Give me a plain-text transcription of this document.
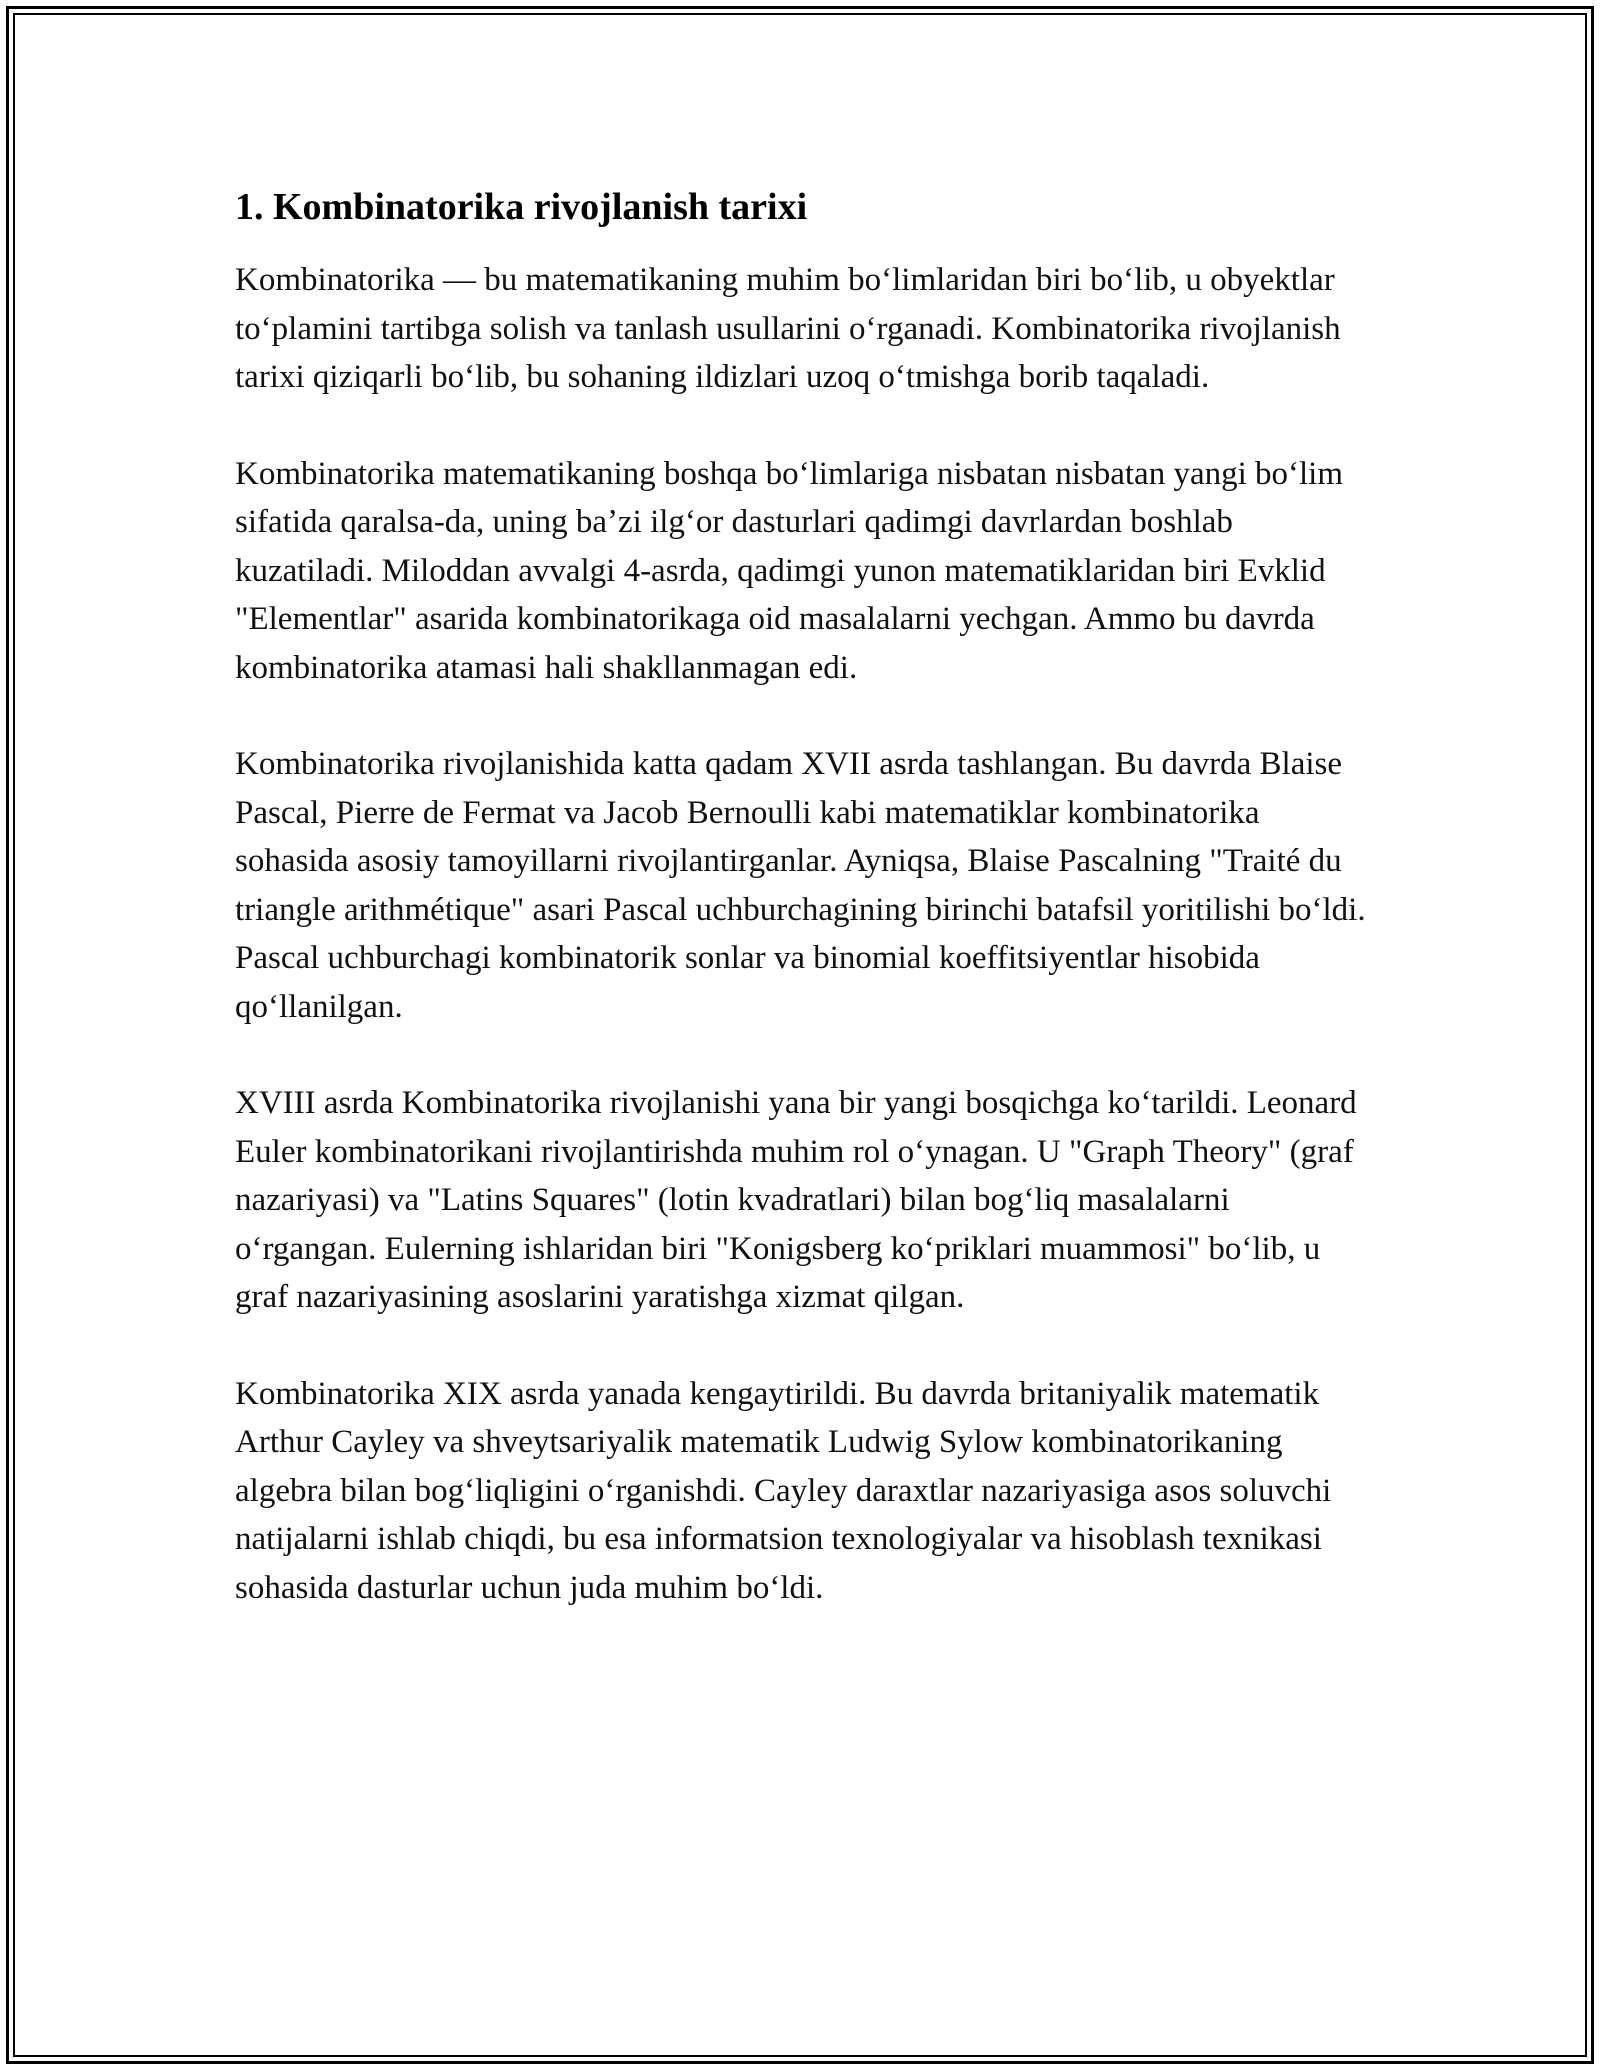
1. Kombinatorika rivojlanish tarixi

Kombinatorika — bu matematikaning muhim boʻlimlaridan biri boʻlib, u obyektlar toʻplamini tartibga solish va tanlash usullarini oʻrganadi. Kombinatorika rivojlanish tarixi qiziqarli boʻlib, bu sohaning ildizlari uzoq oʻtmishga borib taqaladi.

Kombinatorika matematikaning boshqa boʻlimlariga nisbatan nisbatan yangi boʻlim sifatida qaralsa-da, uning baʼzi ilgʻor dasturlari qadimgi davrlardan boshlab kuzatiladi. Miloddan avvalgi 4-asrda, qadimgi yunon matematiklaridan biri Evklid "Elementlar" asarida kombinatorikaga oid masalalarni yechgan. Ammo bu davrda kombinatorika atamasi hali shakllanmagan edi.

Kombinatorika rivojlanishida katta qadam XVII asrda tashlangan. Bu davrda Blaise Pascal, Pierre de Fermat va Jacob Bernoulli kabi matematiklar kombinatorika sohasida asosiy tamoyillarni rivojlantirganlar. Ayniqsa, Blaise Pascalning "Traité du triangle arithmétique" asari Pascal uchburchagining birinchi batafsil yoritilishi boʻldi. Pascal uchburchagi kombinatorik sonlar va binomial koeffitsiyentlar hisobida qoʻllanilgan.

XVIII asrda Kombinatorika rivojlanishi yana bir yangi bosqichga koʻtarildi. Leonard Euler kombinatorikani rivojlantirishda muhim rol oʻynagan. U "Graph Theory" (graf nazariyasi) va "Latins Squares" (lotin kvadratlari) bilan bogʻliq masalalarni oʻrgangan. Eulerning ishlaridan biri "Konigsberg koʻpriklari muammosi" boʻlib, u graf nazariyasining asoslarini yaratishga xizmat qilgan.

Kombinatorika XIX asrda yanada kengaytirildi. Bu davrda britaniyalik matematik Arthur Cayley va shveytsariyalik matematik Ludwig Sylow kombinatorikaning algebra bilan bogʻliqligini oʻrganishdi. Cayley daraxtlar nazariyasiga asos soluvchi natijalarni ishlab chiqdi, bu esa informatsion texnologiyalar va hisoblash texnikasi sohasida dasturlar uchun juda muhim boʻldi.
